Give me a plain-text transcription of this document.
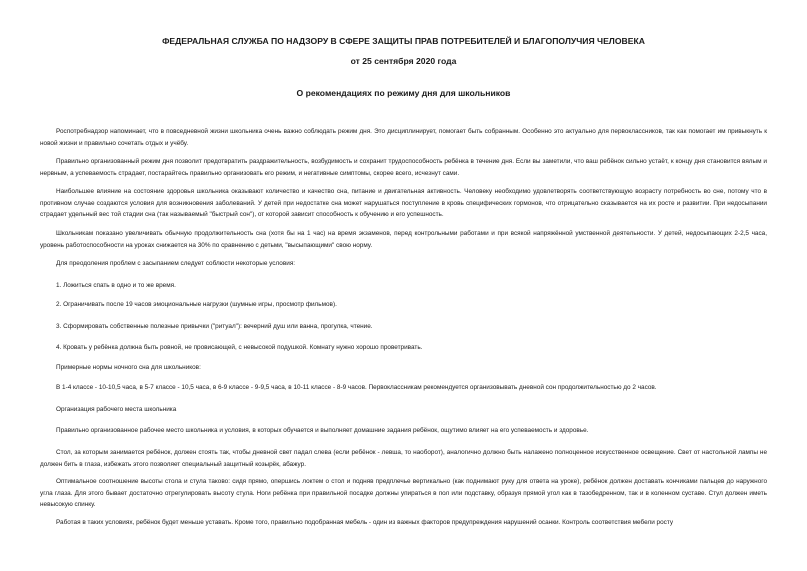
ФЕДЕРАЛЬНАЯ СЛУЖБА ПО НАДЗОРУ В СФЕРЕ ЗАЩИТЫ ПРАВ ПОТРЕБИТЕЛЕЙ И БЛАГОПОЛУЧИЯ ЧЕЛОВЕКА
от 25 сентября 2020 года
О рекомендациях по режиму дня для школьников
Роспотребнадзор напоминает, что в повседневной жизни школьника очень важно соблюдать режим дня. Это дисциплинирует, помогает быть собранным. Особенно это актуально для первоклассников, так как помогает им привыкнуть к новой жизни и правильно сочетать отдых и учёбу.
Правильно организованный режим дня позволит предотвратить раздражительность, возбудимость и сохранит трудоспособность ребёнка в течение дня. Если вы заметили, что ваш ребёнок сильно устаёт, к концу дня становится вялым и нервным, а успеваемость страдает, постарайтесь правильно организовать его режим, и негативные симптомы, скорее всего, исчезнут сами.
Наибольшее влияние на состояние здоровья школьника оказывают количество и качество сна, питание и двигательная активность. Человеку необходимо удовлетворять соответствующую возрасту потребность во сне, потому что в противном случае создаются условия для возникновения заболеваний. У детей при недостатке сна может нарушаться поступление в кровь специфических гормонов, что отрицательно сказывается на их росте и развитии. При недосыпании страдает удельный вес той стадии сна (так называемый "быстрый сон"), от которой зависит способность к обучению и его успешность.
Школьникам показано увеличивать обычную продолжительность сна (хотя бы на 1 час) на время экзаменов, перед контрольными работами и при всякой напряжённой умственной деятельности. У детей, недосыпающих 2-2,5 часа, уровень работоспособности на уроках снижается на 30% по сравнению с детьми, "высыпающими" свою норму.
Для преодоления проблем с засыпанием следует соблюсти некоторые условия:
1. Ложиться спать в одно и то же время.
2. Ограничивать после 19 часов эмоциональные нагрузки (шумные игры, просмотр фильмов).
3. Сформировать собственные полезные привычки ("ритуал"): вечерний душ или ванна, прогулка, чтение.
4. Кровать у ребёнка должна быть ровной, не провисающей, с невысокой подушкой. Комнату нужно хорошо проветривать.
Примерные нормы ночного сна для школьников:
В 1-4 классе - 10-10,5 часа, в 5-7 классе - 10,5 часа, в 6-9 классе - 9-9,5 часа, в 10-11 классе - 8-9 часов. Первоклассникам рекомендуется организовывать дневной сон продолжительностью до 2 часов.
Организация рабочего места школьника
Правильно организованное рабочее место школьника и условия, в которых обучается и выполняет домашние задания ребёнок, ощутимо влияет на его успеваемость и здоровье.
Стол, за которым занимается ребёнок, должен стоять так, чтобы дневной свет падал слева (если ребёнок - левша, то наоборот), аналогично должно быть налажено полноценное искусственное освещение. Свет от настольной лампы не должен бить в глаза, избежать этого позволяет специальный защитный козырёк, абажур.
Оптимальное соотношение высоты стола и стула таково: сидя прямо, опершись локтем о стол и подняв предплечье вертикально (как поднимают руку для ответа на уроке), ребёнок должен доставать кончиками пальцев до наружного угла глаза. Для этого бывает достаточно отрегулировать высоту стула. Ноги ребёнка при правильной посадке должны упираться в пол или подставку, образуя прямой угол как в тазобедренном, так и в коленном суставе. Стул должен иметь невысокую спинку.
Работая в таких условиях, ребёнок будет меньше уставать. Кроме того, правильно подобранная мебель - один из важных факторов предупреждения нарушений осанки. Контроль соответствия мебели росту
